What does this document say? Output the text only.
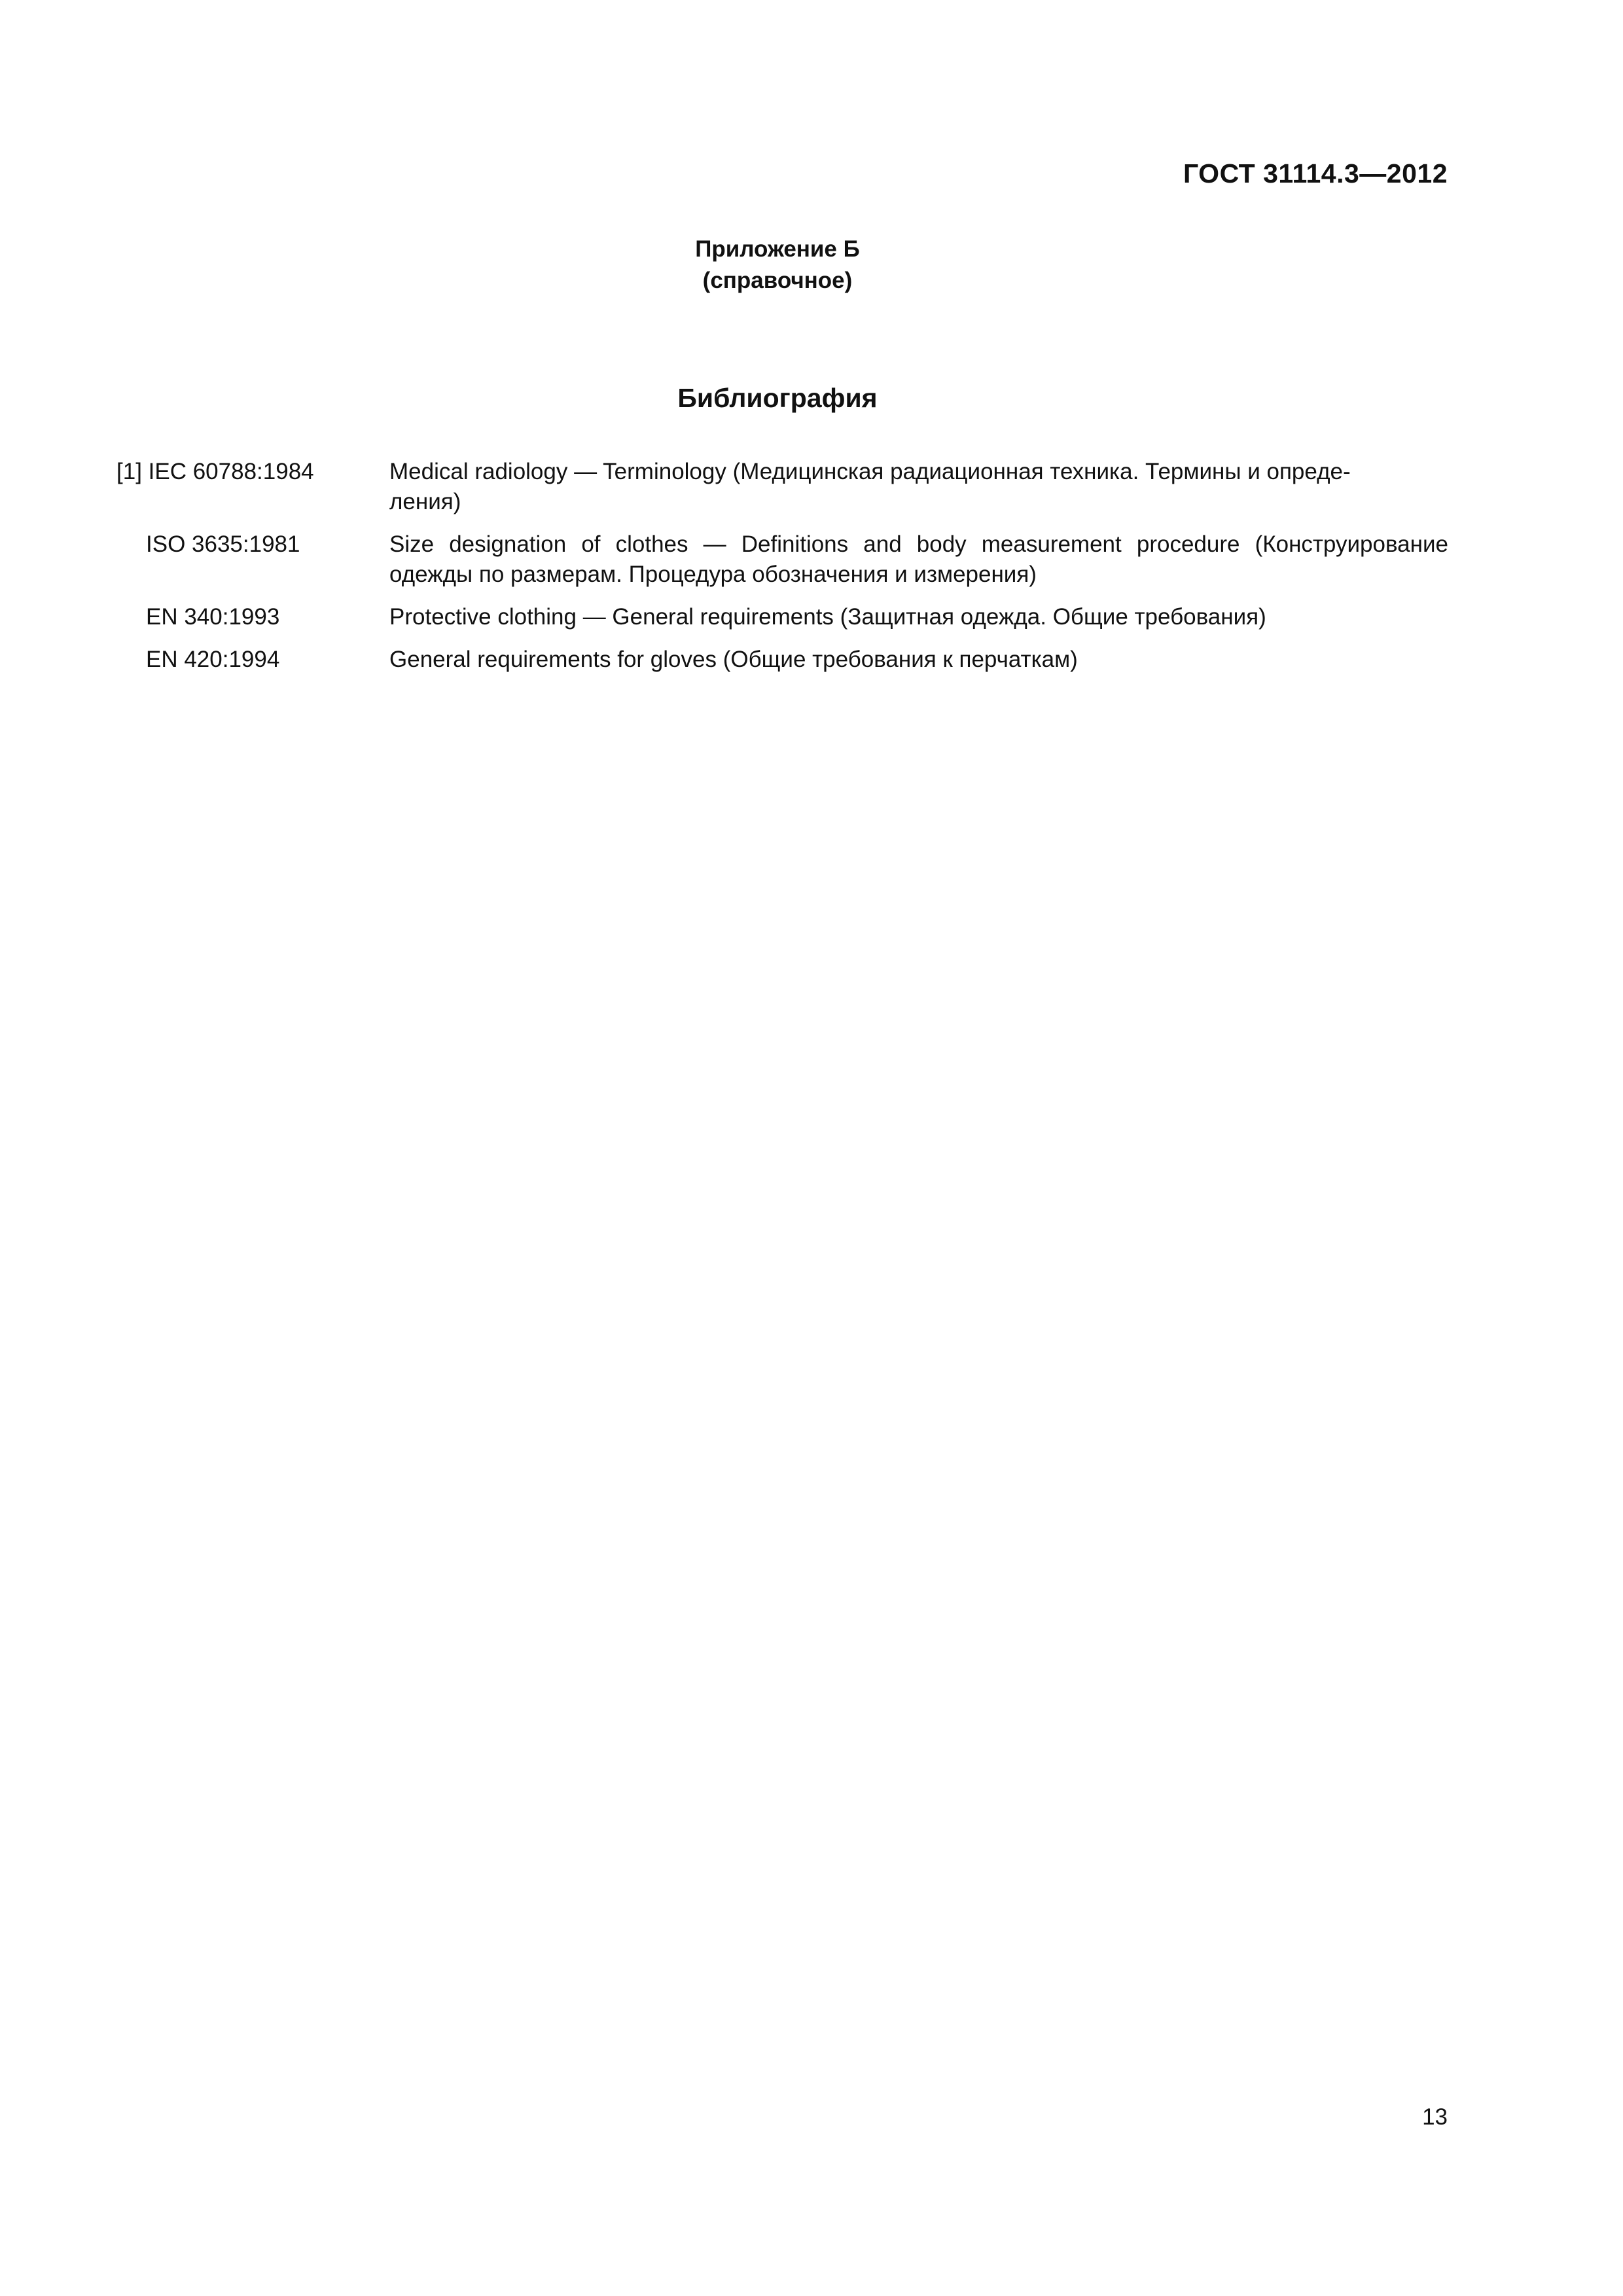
ГОСТ 31114.3—2012
Приложение Б
(справочное)
Библиография
[1] IEC 60788:1984	Medical radiology — Terminology (Медицинская радиационная техника. Термины и опреде-
ления)
ISO 3635:1981	Size designation of clothes — Definitions and body measurement procedure (Конструирование одежды по размерам. Процедура обозначения и измерения)
EN 340:1993	Protective clothing — General requirements (Защитная одежда. Общие требования)
EN 420:1994	General requirements for gloves (Общие требования к перчаткам)
13
